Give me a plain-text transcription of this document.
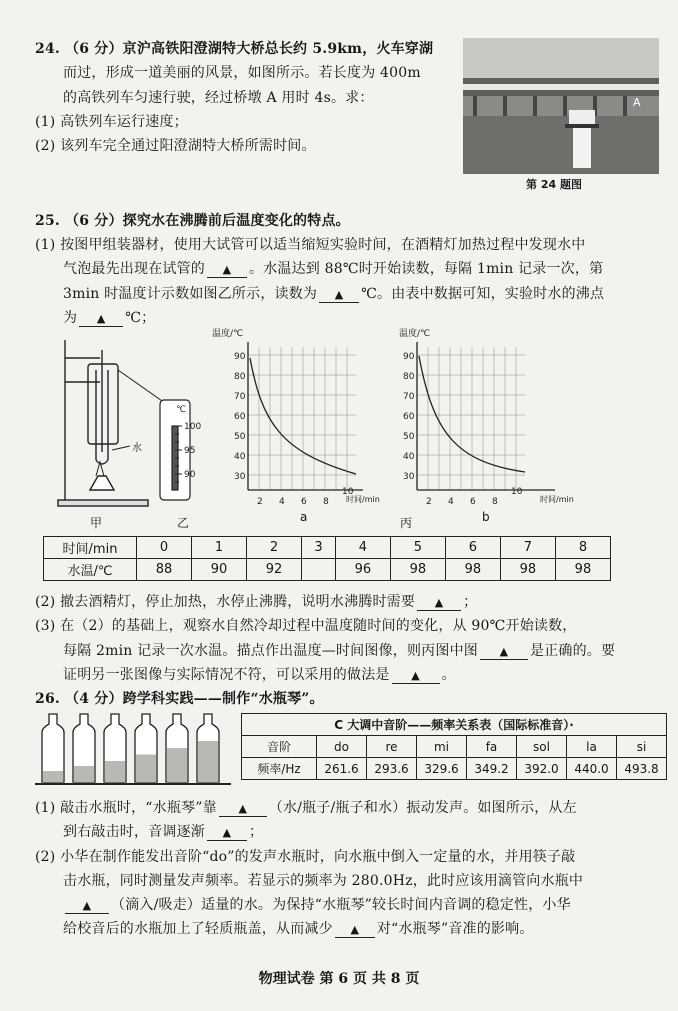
24. （6 分）京沪高铁阳澄湖特大桥总长约 5.9km，火车穿湖
而过，形成一道美丽的风景，如图所示。若长度为 400m
的高铁列车匀速行驶，经过桥墩 A 用时 4s。求：
(1) 高铁列车运行速度；
(2) 该列车完全通过阳澄湖特大桥所需时间。
A
第 24 题图
25. （6 分）探究水在沸腾前后温度变化的特点。
(1) 按图甲组装器材，使用大试管可以适当缩短实验时间，在酒精灯加热过程中发现水中
气泡最先出现在试管的 ▲ 。水温达到 88℃时开始读数，每隔 1min 记录一次，第
3min 时温度计示数如图乙所示，读数为 ▲ ℃。由表中数据可知，实验时水的沸点
为 ▲ ℃；
℃
100
95
90
水
甲	乙
温度/℃
时间/min
90
80
70
60
50
40
30
2 4 6 8
10
a
温度/℃
时间/min
90
80
70
60
50
40
30
2 4 6 8
10
丙	b
时间/min	0	1	2	3	4	5	6	7	8
水温/℃	88	90	92		96	98	98	98	98
(2) 撤去酒精灯，停止加热，水停止沸腾，说明水沸腾时需要 ▲ ；
(3) 在（2）的基础上，观察水自然冷却过程中温度随时间的变化，从 90℃开始读数，
每隔 2min 记录一次水温。描点作出温度—时间图像，则丙图中图 ▲ 是正确的。要
证明另一张图像与实际情况不符，可以采用的做法是 ▲ 。
26. （4 分）跨学科实践——制作“水瓶琴”。
C 大调中音阶——频率关系表（国际标准音）·							
音阶	do	re	mi	fa	sol	la	si
频率/Hz	261.6	293.6	329.6	349.2	392.0	440.0	493.8
(1) 敲击水瓶时，“水瓶琴”靠 ▲ （水/瓶子/瓶子和水）振动发声。如图所示，从左
到右敲击时，音调逐渐 ▲ ；
(2) 小华在制作能发出音阶“do”的发声水瓶时，向水瓶中倒入一定量的水，并用筷子敲
击水瓶，同时测量发声频率。若显示的频率为 280.0Hz，此时应该用滴管向水瓶中
▲ （滴入/吸走）适量的水。为保持“水瓶琴”较长时间内音调的稳定性，小华
给校音后的水瓶加上了轻质瓶盖，从而减少 ▲ 对“水瓶琴”音准的影响。
物理试卷 第 6 页 共 8 页
